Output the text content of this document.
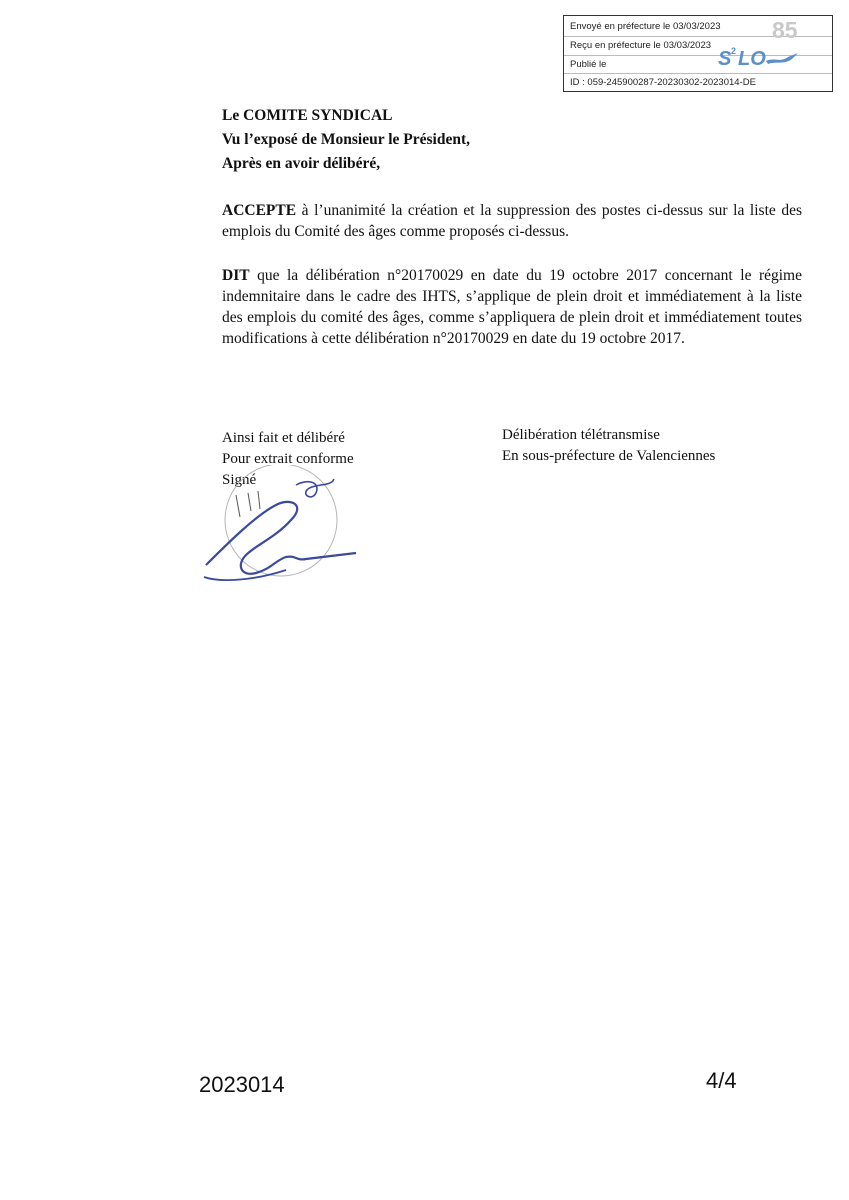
Envoyé en préfecture le 03/03/2023
Reçu en préfecture le 03/03/2023
Publié le
ID : 059-245900287-20230302-2023014-DE
85
S 2 LO
Le COMITE SYNDICAL
Vu l’exposé de Monsieur le Président,
Après en avoir délibéré,
ACCEPTE à l’unanimité la création et la suppression des postes ci-dessus sur la liste des emplois du Comité des âges comme proposés ci-dessus.
DIT que la délibération n°20170029 en date du 19 octobre 2017 concernant le régime indemnitaire dans le cadre des IHTS, s’applique de plein droit et immédiatement à la liste des emplois du comité des âges, comme s’appliquera de plein droit et immédiatement toutes modifications à cette délibération n°20170029 en date du 19 octobre 2017.
Ainsi fait et délibéré
Pour extrait conforme
Signé
Délibération télétransmise
En sous-préfecture de Valenciennes
2023014	4/4
